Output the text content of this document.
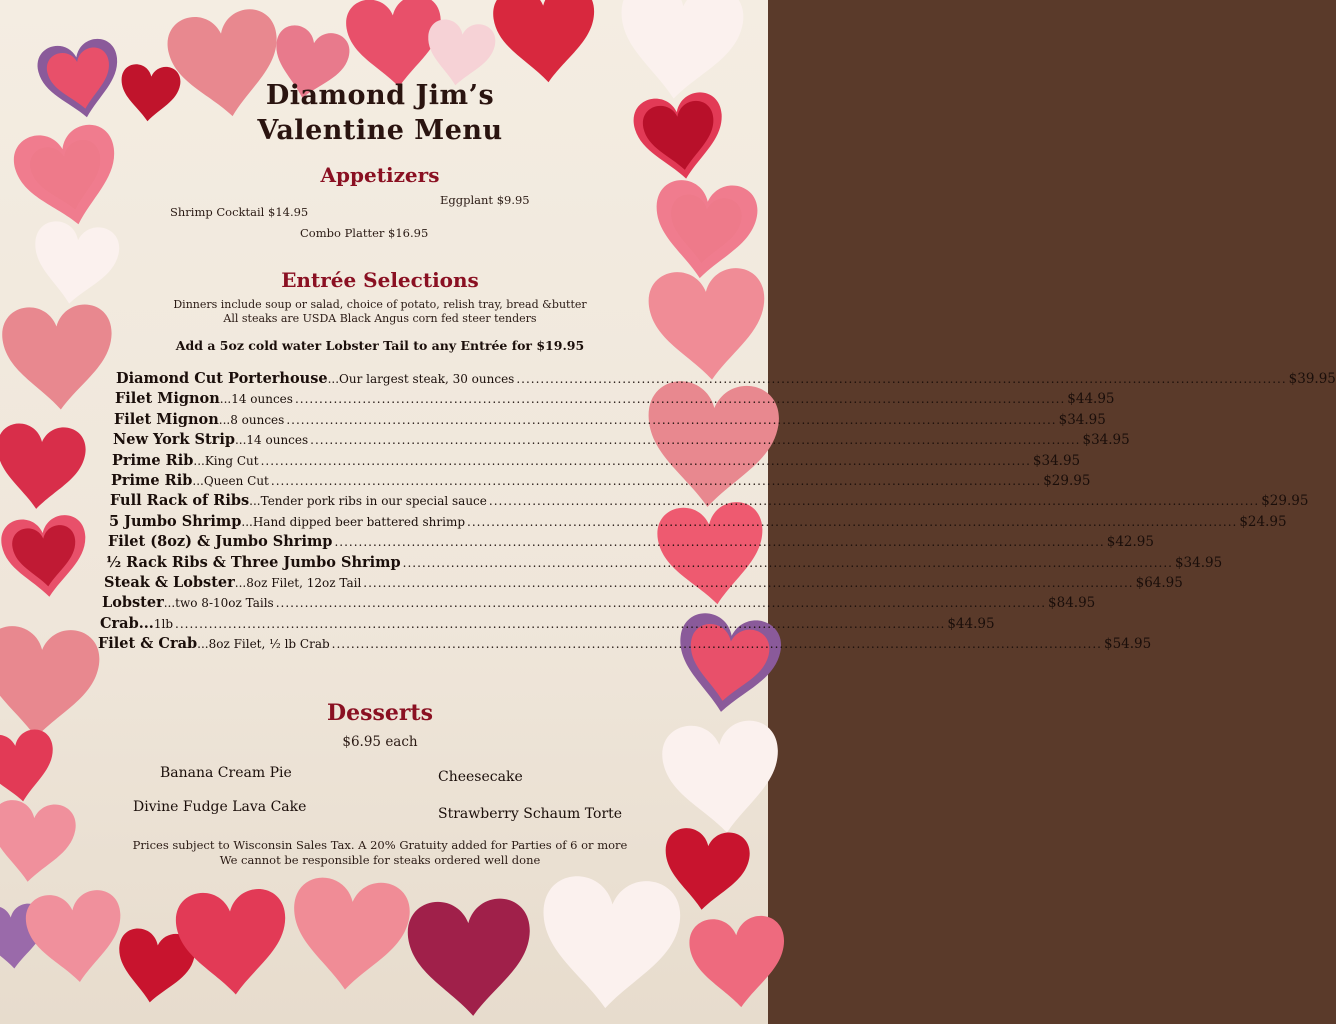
Diamond Jim’s
Valentine Menu
Appetizers
Shrimp Cocktail $14.95
Eggplant $9.95
Combo Platter $16.95
Entrée Selections
Dinners include soup or salad, choice of potato, relish tray, bread &butter
All steaks are USDA Black Angus corn fed steer tenders
Add a 5oz cold water Lobster Tail to any Entrée for $19.95
Diamond Cut Porterhouse ...Our largest steak, 30 ounces ................................................................................................................................................................ $39.95
Filet Mignon ...14 ounces ................................................................................................................................................................ $44.95
Filet Mignon ...8 ounces ................................................................................................................................................................ $34.95
New York Strip ...14 ounces ................................................................................................................................................................ $34.95
Prime Rib ...King Cut ................................................................................................................................................................ $34.95
Prime Rib ...Queen Cut ................................................................................................................................................................ $29.95
Full Rack of Ribs ...Tender pork ribs in our special sauce ................................................................................................................................................................ $29.95
5 Jumbo Shrimp ...Hand dipped beer battered shrimp ................................................................................................................................................................ $24.95
Filet (8oz) & Jumbo Shrimp ................................................................................................................................................................ $42.95
½ Rack Ribs & Three Jumbo Shrimp ................................................................................................................................................................ $34.95
Steak & Lobster ...8oz Filet, 12oz Tail ................................................................................................................................................................ $64.95
Lobster ...two 8-10oz Tails ................................................................................................................................................................ $84.95
Crab... 1lb ................................................................................................................................................................ $44.95
Filet & Crab ...8oz Filet, ½ lb Crab ................................................................................................................................................................ $54.95
Desserts
$6.95 each
Banana Cream Pie	Cheesecake
Divine Fudge Lava Cake	Strawberry Schaum Torte
Prices subject to Wisconsin Sales Tax. A 20% Gratuity added for Parties of 6 or more
We cannot be responsible for steaks ordered well done
